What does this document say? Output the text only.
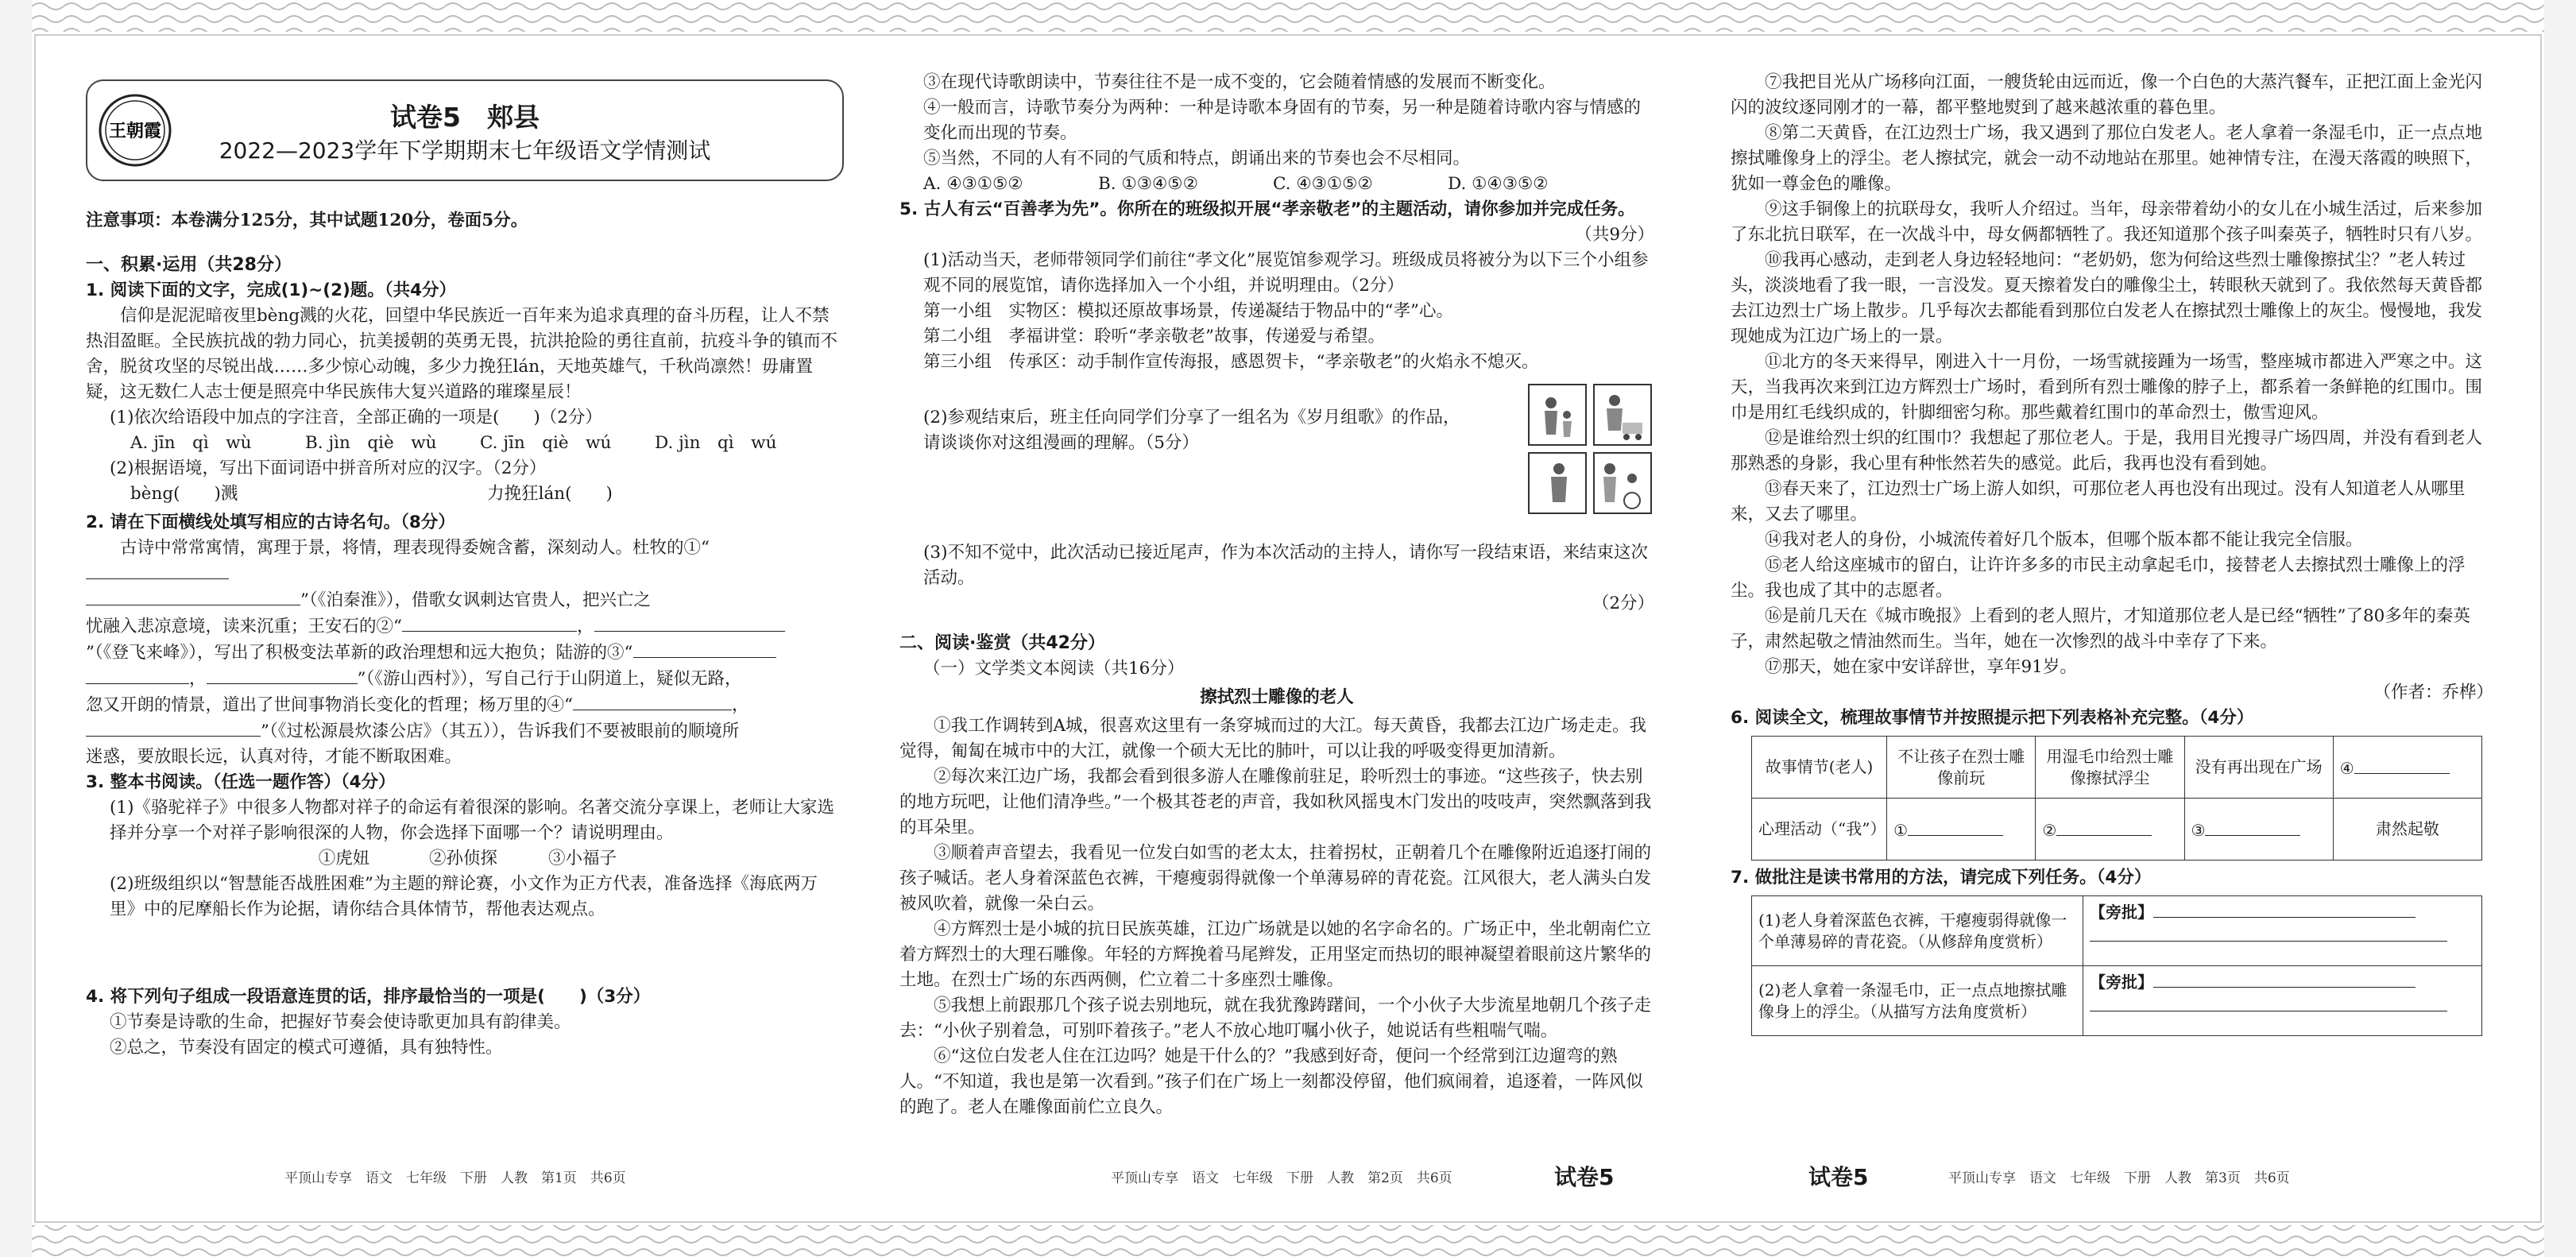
王朝霞	试卷5　郏县
2022—2023学年下学期期末七年级语文学情测试

注意事项：本卷满分125分，其中试题120分，卷面5分。

一、积累·运用（共28分）

1. 阅读下面的文字，完成(1)~(2)题。（共4分）

信仰是泥泥暗夜里bèng溅的火花，回望中华民族近一百年来为追求真理的奋斗历程，让人不禁热泪盈眶。全民族抗战的勃力同心，抗美援朝的英勇无畏，抗洪抢险的勇往直前，抗疫斗争的镇而不舍，脱贫攻坚的尽锐出战……多少惊心动魄，多少力挽狂lán，天地英雄气，千秋尚凛然！毋庸置疑，这无数仁人志士便是照亮中华民族伟大复兴道路的璀璨星辰！

(1)依次给语段中加点的字注音，全部正确的一项是(　　)（2分）

A. jīn　qì　wù	B. jìn　qiè　wù	C. jīn　qiè　wú	D. jìn　qì　wú

(2)根据语境，写出下面词语中拼音所对应的汉字。（2分）

bèng(　　)溅	力挽狂lán(　　)

2. 请在下面横线处填写相应的古诗名句。（8分）

古诗中常常寓情，寓理于景，将情，理表现得委婉含蓄，深刻动人。杜牧的①“

”（《泊秦淮》），借歌女讽刺达官贵人，把兴亡之

忧融入悲凉意境，读来沉重；王安石的②“	，

”（《登飞来峰》），写出了积极变法革新的政治理想和远大抱负；陆游的③“

，	”（《游山西村》），写自己行于山阴道上，疑似无路，

忽又开朗的情景，道出了世间事物消长变化的哲理；杨万里的④“	，

”（《过松源晨炊漆公店》（其五）），告诉我们不要被眼前的顺境所

迷惑，要放眼长远，认真对待，才能不断取困难。

3. 整本书阅读。（任选一题作答）（4分）

(1)《骆驼祥子》中很多人物都对祥子的命运有着很深的影响。名著交流分享课上，老师让大家选择并分享一个对祥子影响很深的人物，你会选择下面哪一个？请说明理由。

①虎妞	②孙侦探	③小福子

(2)班级组织以“智慧能否战胜困难”为主题的辩论赛，小文作为正方代表，准备选择《海底两万里》中的尼摩船长作为论据，请你结合具体情节，帮他表达观点。

4. 将下列句子组成一段语意连贯的话，排序最恰当的一项是(　　)（3分）

①节奏是诗歌的生命，把握好节奏会使诗歌更加具有韵律美。

②总之，节奏没有固定的模式可遵循，具有独特性。

平顶山专享　语文　七年级　下册　人教　第1页　共6页

③在现代诗歌朗读中，节奏往往不是一成不变的，它会随着情感的发展而不断变化。

④一般而言，诗歌节奏分为两种：一种是诗歌本身固有的节奏，另一种是随着诗歌内容与情感的变化而出现的节奏。

⑤当然，不同的人有不同的气质和特点，朗诵出来的节奏也会不尽相同。

A. ④③①⑤②	B. ①③④⑤②	C. ④③①⑤②	D. ①④③⑤②

5. 古人有云“百善孝为先”。你所在的班级拟开展“孝亲敬老”的主题活动，请你参加并完成任务。

（共9分）

(1)活动当天，老师带领同学们前往“孝文化”展览馆参观学习。班级成员将被分为以下三个小组参观不同的展览馆，请你选择加入一个小组，并说明理由。（2分）

第一小组　实物区：模拟还原故事场景，传递凝结于物品中的“孝”心。

第二小组　孝福讲堂：聆听“孝亲敬老”故事，传递爱与希望。

第三小组　传承区：动手制作宣传海报，感恩贺卡，“孝亲敬老”的火焰永不熄灭。

(2)参观结束后，班主任向同学们分享了一组名为《岁月组歌》的作品，请谈谈你对这组漫画的理解。（5分）

(3)不知不觉中，此次活动已接近尾声，作为本次活动的主持人，请你写一段结束语，来结束这次活动。

（2分）

二、阅读·鉴赏（共42分）

（一）文学类文本阅读（共16分）

擦拭烈士雕像的老人

①我工作调转到A城，很喜欢这里有一条穿城而过的大江。每天黄昏，我都去江边广场走走。我觉得，匍匐在城市中的大江，就像一个硕大无比的肺叶，可以让我的呼吸变得更加清新。

②每次来江边广场，我都会看到很多游人在雕像前驻足，聆听烈士的事迹。“这些孩子，快去别的地方玩吧，让他们清净些。”一个极其苍老的声音，我如秋风摇曳木门发出的吱吱声，突然飘落到我的耳朵里。

③顺着声音望去，我看见一位发白如雪的老太太，拄着拐杖，正朝着几个在雕像附近追逐打闹的孩子喊话。老人身着深蓝色衣裤，干瘪瘦弱得就像一个单薄易碎的青花瓷。江风很大，老人满头白发被风吹着，就像一朵白云。

④方辉烈士是小城的抗日民族英雄，江边广场就是以她的名字命名的。广场正中，坐北朝南伫立着方辉烈士的大理石雕像。年轻的方辉挽着马尾辫发，正用坚定而热切的眼神凝望着眼前这片繁华的土地。在烈士广场的东西两侧，伫立着二十多座烈士雕像。

⑤我想上前跟那几个孩子说去别地玩，就在我犹豫踌躇间，一个小伙子大步流星地朝几个孩子走去：“小伙子别着急，可别吓着孩子。”老人不放心地叮嘱小伙子，她说话有些粗喘气喘。

⑥“这位白发老人住在江边吗？她是干什么的？”我感到好奇，便问一个经常到江边遛弯的熟人。“不知道，我也是第一次看到。”孩子们在广场上一刻都没停留，他们疯闹着，追逐着，一阵风似的跑了。老人在雕像面前伫立良久。

平顶山专享　语文　七年级　下册　人教　第2页　共6页	试卷5

⑦我把目光从广场移向江面，一艘货轮由远而近，像一个白色的大蒸汽餐车，正把江面上金光闪闪的波纹逐同刚才的一幕，都平整地熨到了越来越浓重的暮色里。

⑧第二天黄昏，在江边烈士广场，我又遇到了那位白发老人。老人拿着一条湿毛巾，正一点点地擦拭雕像身上的浮尘。老人擦拭完，就会一动不动地站在那里。她神情专注，在漫天落霞的映照下，犹如一尊金色的雕像。

⑨这手铜像上的抗联母女，我听人介绍过。当年，母亲带着幼小的女儿在小城生活过，后来参加了东北抗日联军，在一次战斗中，母女俩都牺牲了。我还知道那个孩子叫秦英子，牺牲时只有八岁。

⑩我再心感动，走到老人身边轻轻地问：“老奶奶，您为何给这些烈士雕像擦拭尘？”老人转过头，淡淡地看了我一眼，一言没发。夏天擦着发白的雕像尘土，转眼秋天就到了。我依然每天黄昏都去江边烈士广场上散步。几乎每次去都能看到那位白发老人在擦拭烈士雕像上的灰尘。慢慢地，我发现她成为江边广场上的一景。

⑪北方的冬天来得早，刚进入十一月份，一场雪就接踵为一场雪，整座城市都进入严寒之中。这天，当我再次来到江边方辉烈士广场时，看到所有烈士雕像的脖子上，都系着一条鲜艳的红围巾。围巾是用红毛线织成的，针脚细密匀称。那些戴着红围巾的革命烈士，傲雪迎风。

⑫是谁给烈士织的红围巾？我想起了那位老人。于是，我用目光搜寻广场四周，并没有看到老人那熟悉的身影，我心里有种怅然若失的感觉。此后，我再也没有看到她。

⑬春天来了，江边烈士广场上游人如织，可那位老人再也没有出现过。没有人知道老人从哪里来，又去了哪里。

⑭我对老人的身份，小城流传着好几个版本，但哪个版本都不能让我完全信服。

⑮老人给这座城市的留白，让许许多多的市民主动拿起毛巾，接替老人去擦拭烈士雕像上的浮尘。我也成了其中的志愿者。

⑯是前几天在《城市晚报》上看到的老人照片，才知道那位老人是已经“牺牲”了80多年的秦英子，肃然起敬之情油然而生。当年，她在一次惨烈的战斗中幸存了下来。

⑰那天，她在家中安详辞世，享年91岁。

（作者：乔桦）

6. 阅读全文，梳理故事情节并按照提示把下列表格补充完整。（4分）

故事情节(老人)	不让孩子在烈士雕像前玩	用湿毛巾给烈士雕像擦拭浮尘	没有再出现在广场	④
心理活动（“我”）	①	②	③	肃然起敬

7. 做批注是读书常用的方法，请完成下列任务。（4分）

(1)老人身着深蓝色衣裤，干瘪瘦弱得就像一个单薄易碎的青花瓷。（从修辞角度赏析）	【旁批】

(2)老人拿着一条湿毛巾，正一点点地擦拭雕像身上的浮尘。（从描写方法角度赏析）	【旁批】

试卷5	平顶山专享　语文　七年级　下册　人教　第3页　共6页
